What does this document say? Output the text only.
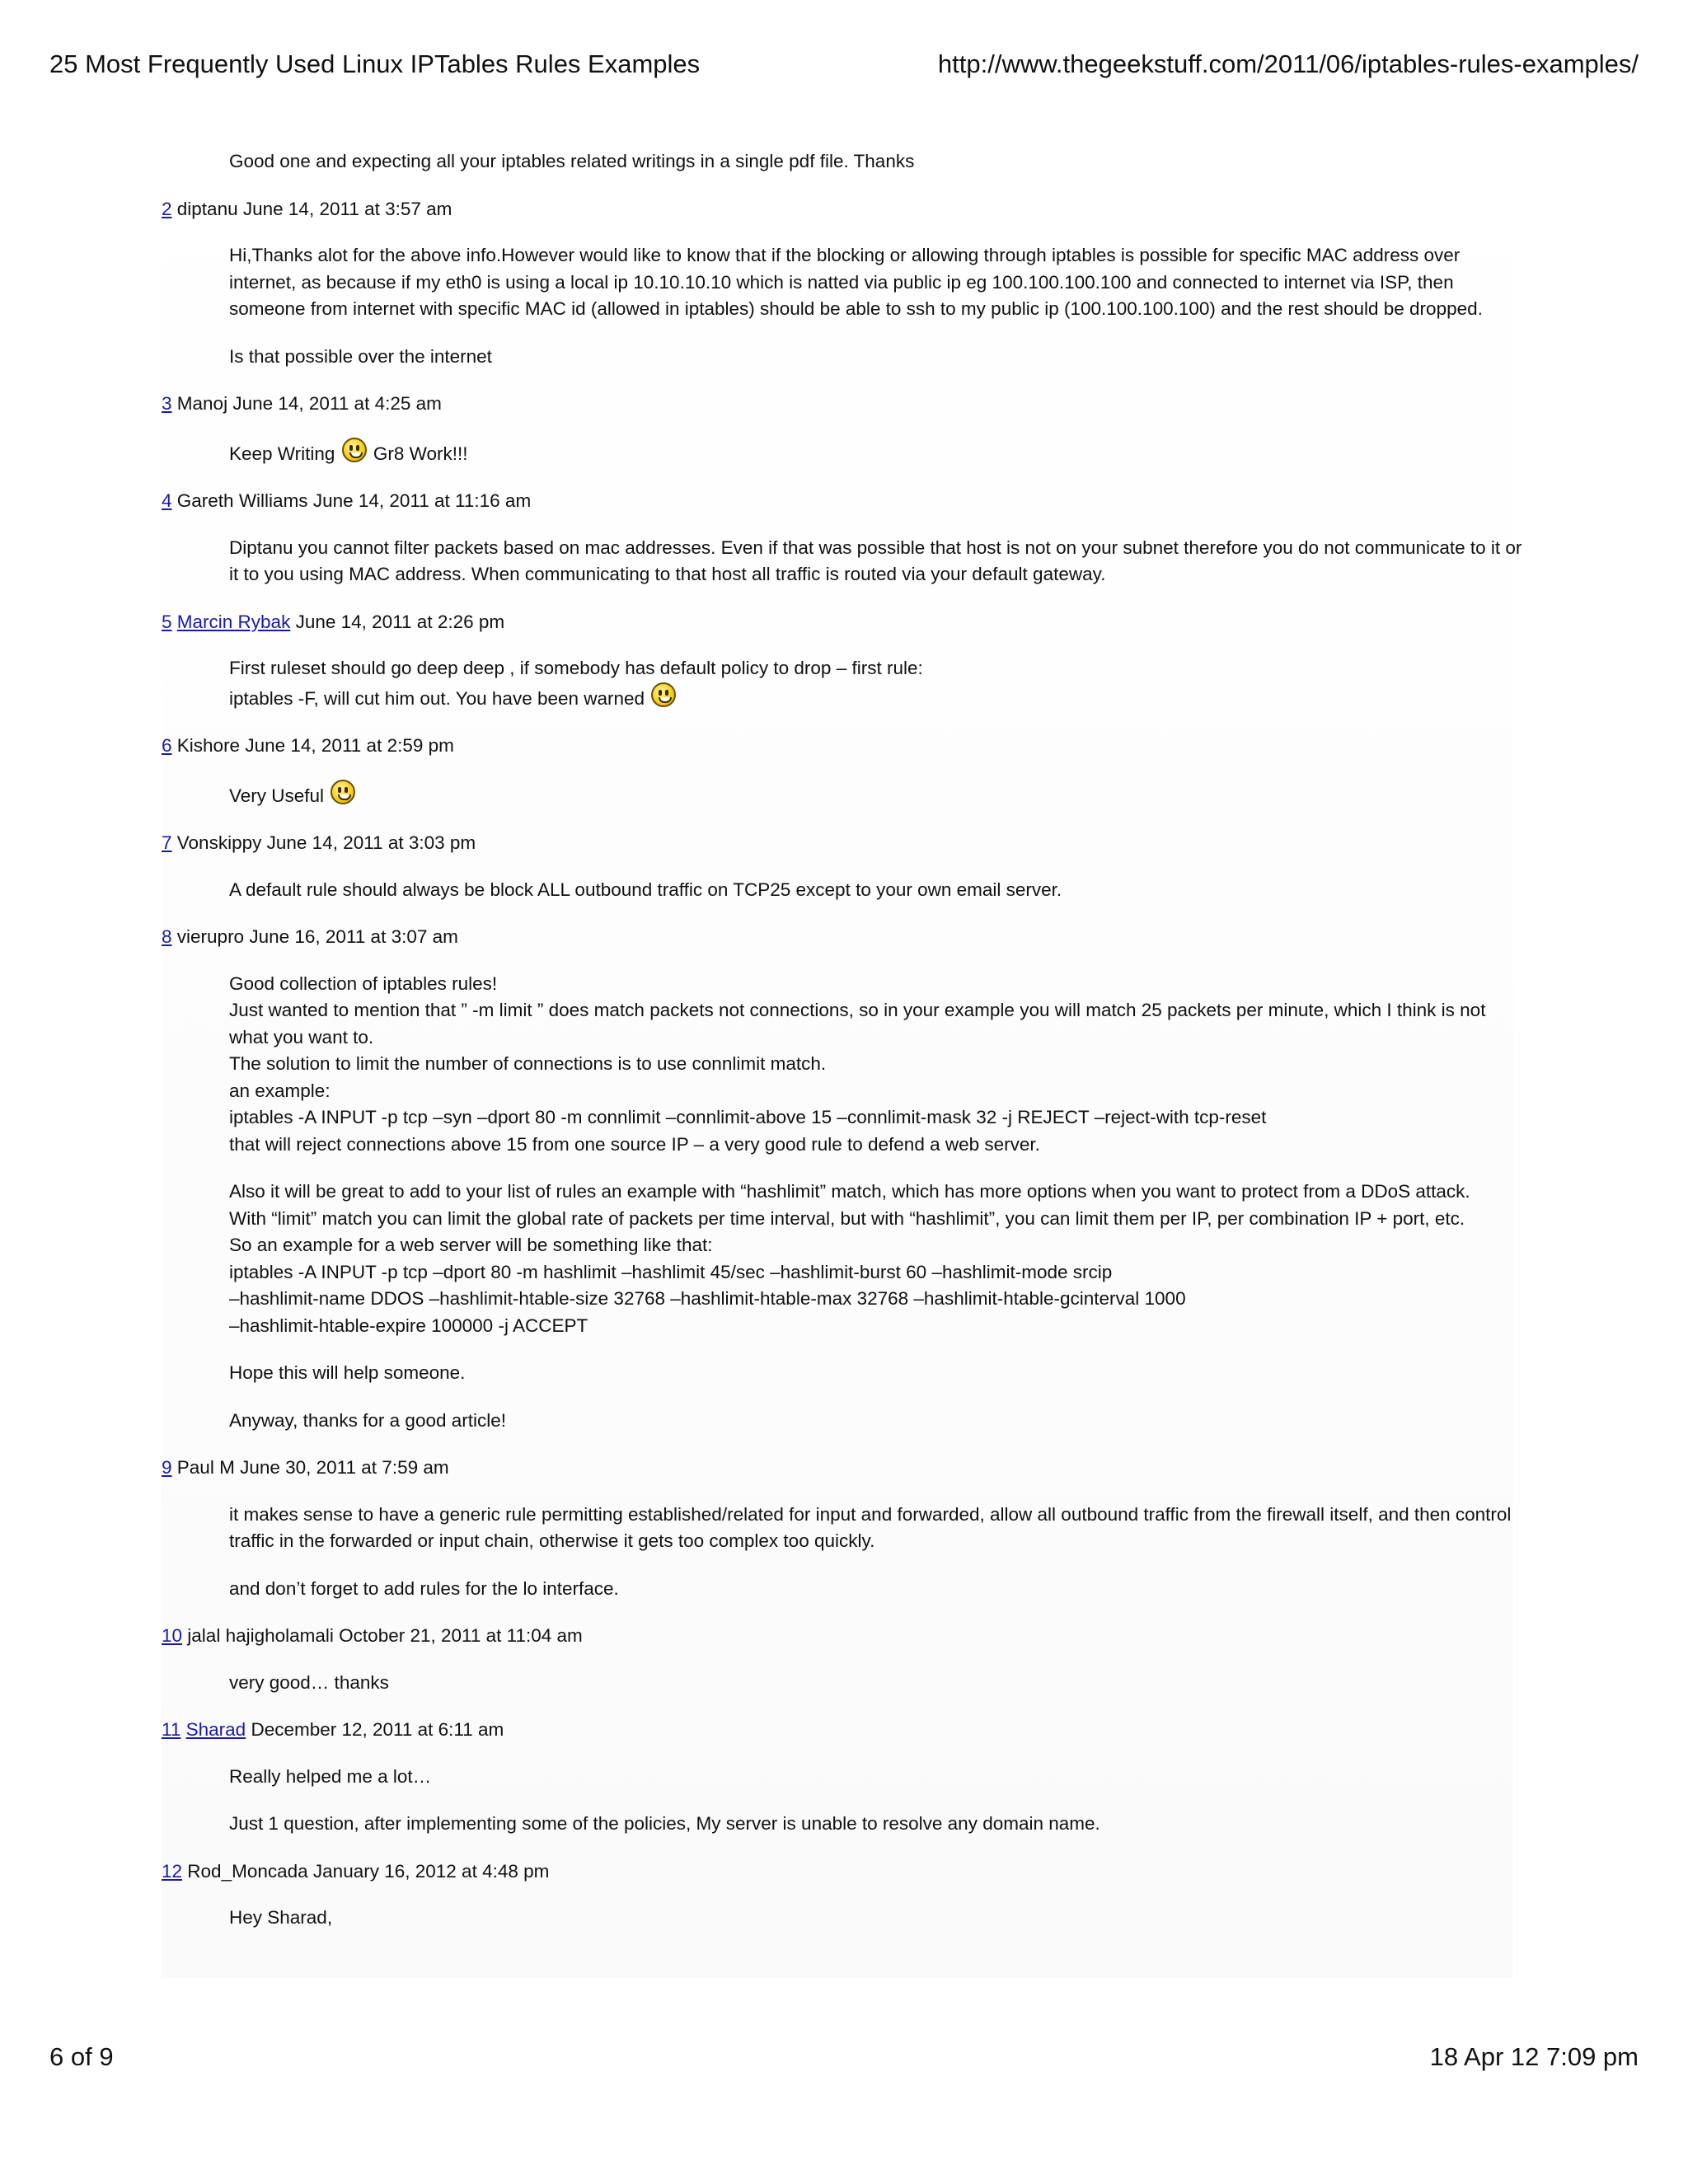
25 Most Frequently Used Linux IPTables Rules Examples	http://www.thegeekstuff.com/2011/06/iptables-rules-examples/

Good one and expecting all your iptables related writings in a single pdf file. Thanks

2 diptanu June 14, 2011 at 3:57 am

Hi,Thanks alot for the above info.However would like to know that if the blocking or allowing through iptables is possible for specific MAC address over internet, as because if my eth0 is using a local ip 10.10.10.10 which is natted via public ip eg 100.100.100.100 and connected to internet via ISP, then someone from internet with specific MAC id (allowed in iptables) should be able to ssh to my public ip (100.100.100.100) and the rest should be dropped.

Is that possible over the internet

3 Manoj June 14, 2011 at 4:25 am

Keep Writing  Gr8 Work!!!

4 Gareth Williams June 14, 2011 at 11:16 am

Diptanu you cannot filter packets based on mac addresses. Even if that was possible that host is not on your subnet therefore you do not communicate to it or it to you using MAC address. When communicating to that host all traffic is routed via your default gateway.

5 Marcin Rybak June 14, 2011 at 2:26 pm

First ruleset should go deep deep , if somebody has default policy to drop – first rule:
iptables -F, will cut him out. You have been warned

6 Kishore June 14, 2011 at 2:59 pm

Very Useful

7 Vonskippy June 14, 2011 at 3:03 pm

A default rule should always be block ALL outbound traffic on TCP25 except to your own email server.

8 vierupro June 16, 2011 at 3:07 am

Good collection of iptables rules!
Just wanted to mention that ” -m limit ” does match packets not connections, so in your example you will match 25 packets per minute, which I think is not what you want to.
The solution to limit the number of connections is to use connlimit match.
an example:
iptables -A INPUT -p tcp –syn –dport 80 -m connlimit –connlimit-above 15 –connlimit-mask 32 -j REJECT –reject-with tcp-reset
that will reject connections above 15 from one source IP – a very good rule to defend a web server.

Also it will be great to add to your list of rules an example with “hashlimit” match, which has more options when you want to protect from a DDoS attack.
With “limit” match you can limit the global rate of packets per time interval, but with “hashlimit”, you can limit them per IP, per combination IP + port, etc.
So an example for a web server will be something like that:
iptables -A INPUT -p tcp –dport 80 -m hashlimit –hashlimit 45/sec –hashlimit-burst 60 –hashlimit-mode srcip
–hashlimit-name DDOS –hashlimit-htable-size 32768 –hashlimit-htable-max 32768 –hashlimit-htable-gcinterval 1000
–hashlimit-htable-expire 100000 -j ACCEPT

Hope this will help someone.

Anyway, thanks for a good article!

9 Paul M June 30, 2011 at 7:59 am

it makes sense to have a generic rule permitting established/related for input and forwarded, allow all outbound traffic from the firewall itself, and then control traffic in the forwarded or input chain, otherwise it gets too complex too quickly.

and don’t forget to add rules for the lo interface.

10 jalal hajigholamali October 21, 2011 at 11:04 am

very good… thanks

11 Sharad December 12, 2011 at 6:11 am

Really helped me a lot…

Just 1 question, after implementing some of the policies, My server is unable to resolve any domain name.

12 Rod_Moncada January 16, 2012 at 4:48 pm

Hey Sharad,

6 of 9	18 Apr 12 7:09 pm
